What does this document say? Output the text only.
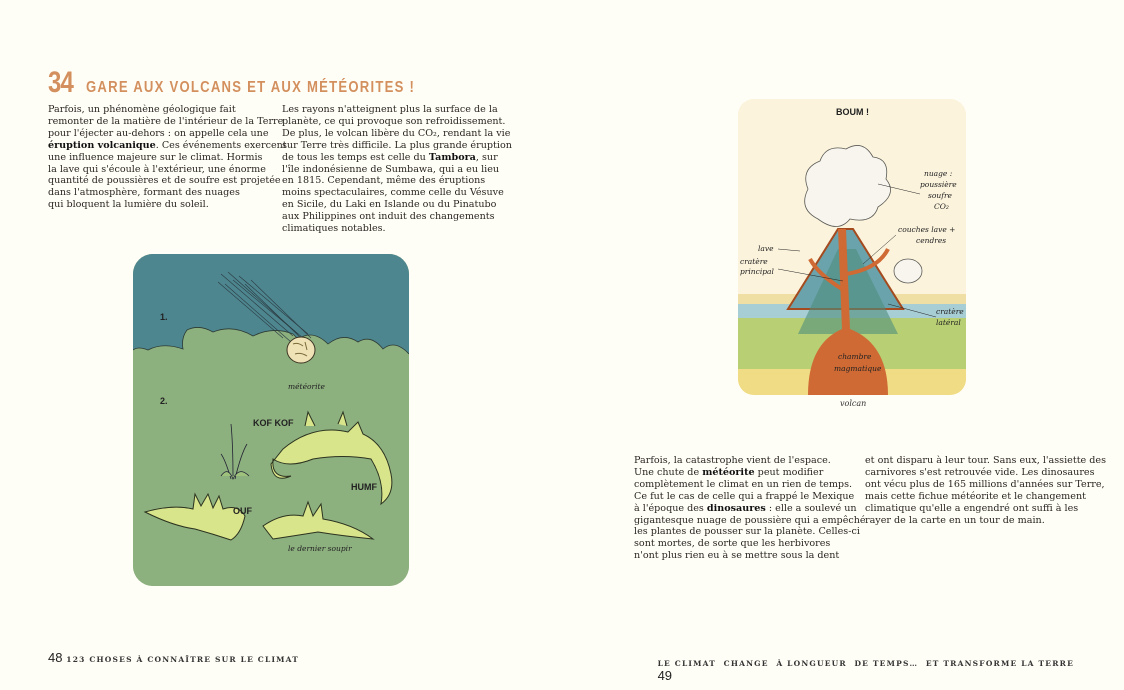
34 GARE AUX VOLCANS ET AUX MÉTÉORITES !
Parfois, un phénomène géologique fait
remonter de la matière de l'intérieur de la Terre
pour l'éjecter au-dehors : on appelle cela une
éruption volcanique. Ces événements exercent
une influence majeure sur le climat. Hormis
la lave qui s'écoule à l'extérieur, une énorme
quantité de poussières et de soufre est projetée
dans l'atmosphère, formant des nuages
qui bloquent la lumière du soleil.
Les rayons n'atteignent plus la surface de la
planète, ce qui provoque son refroidissement.
De plus, le volcan libère du CO₂, rendant la vie
sur Terre très difficile. La plus grande éruption
de tous les temps est celle du Tambora, sur
l'île indonésienne de Sumbawa, qui a eu lieu
en 1815. Cependant, même des éruptions
moins spectaculaires, comme celle du Vésuve
en Sicile, du Laki en Islande ou du Pinatubo
aux Philippines ont induit des changements
climatiques notables.
Parfois, la catastrophe vient de l'espace.
Une chute de météorite peut modifier
complètement le climat en un rien de temps.
Ce fut le cas de celle qui a frappé le Mexique
à l'époque des dinosaures : elle a soulevé un
gigantesque nuage de poussière qui a empêché
les plantes de pousser sur la planète. Celles-ci
sont mortes, de sorte que les herbivores
n'ont plus rien eu à se mettre sous la dent
et ont disparu à leur tour. Sans eux, l'assiette des
carnivores s'est retrouvée vide. Les dinosaures
ont vécu plus de 165 millions d'années sur Terre,
mais cette fichue météorite et le changement
climatique qu'elle a engendré ont suffi à les
rayer de la carte en un tour de main.
1.
2.
météorite
KOF KOF
HUMF
OUF
le dernier soupir
BOUM !
nuage :
poussière
soufre
CO₂
couches lave +
cendres
lave
cratère
principal
cratère
latéral
chambre
magmatique
volcan
48 123 CHOSES À CONNAÎTRE SUR LE CLIMAT	LE CLIMAT  CHANGE  À LONGUEUR  DE TEMPS…  ET TRANSFORME LA TERRE
49
